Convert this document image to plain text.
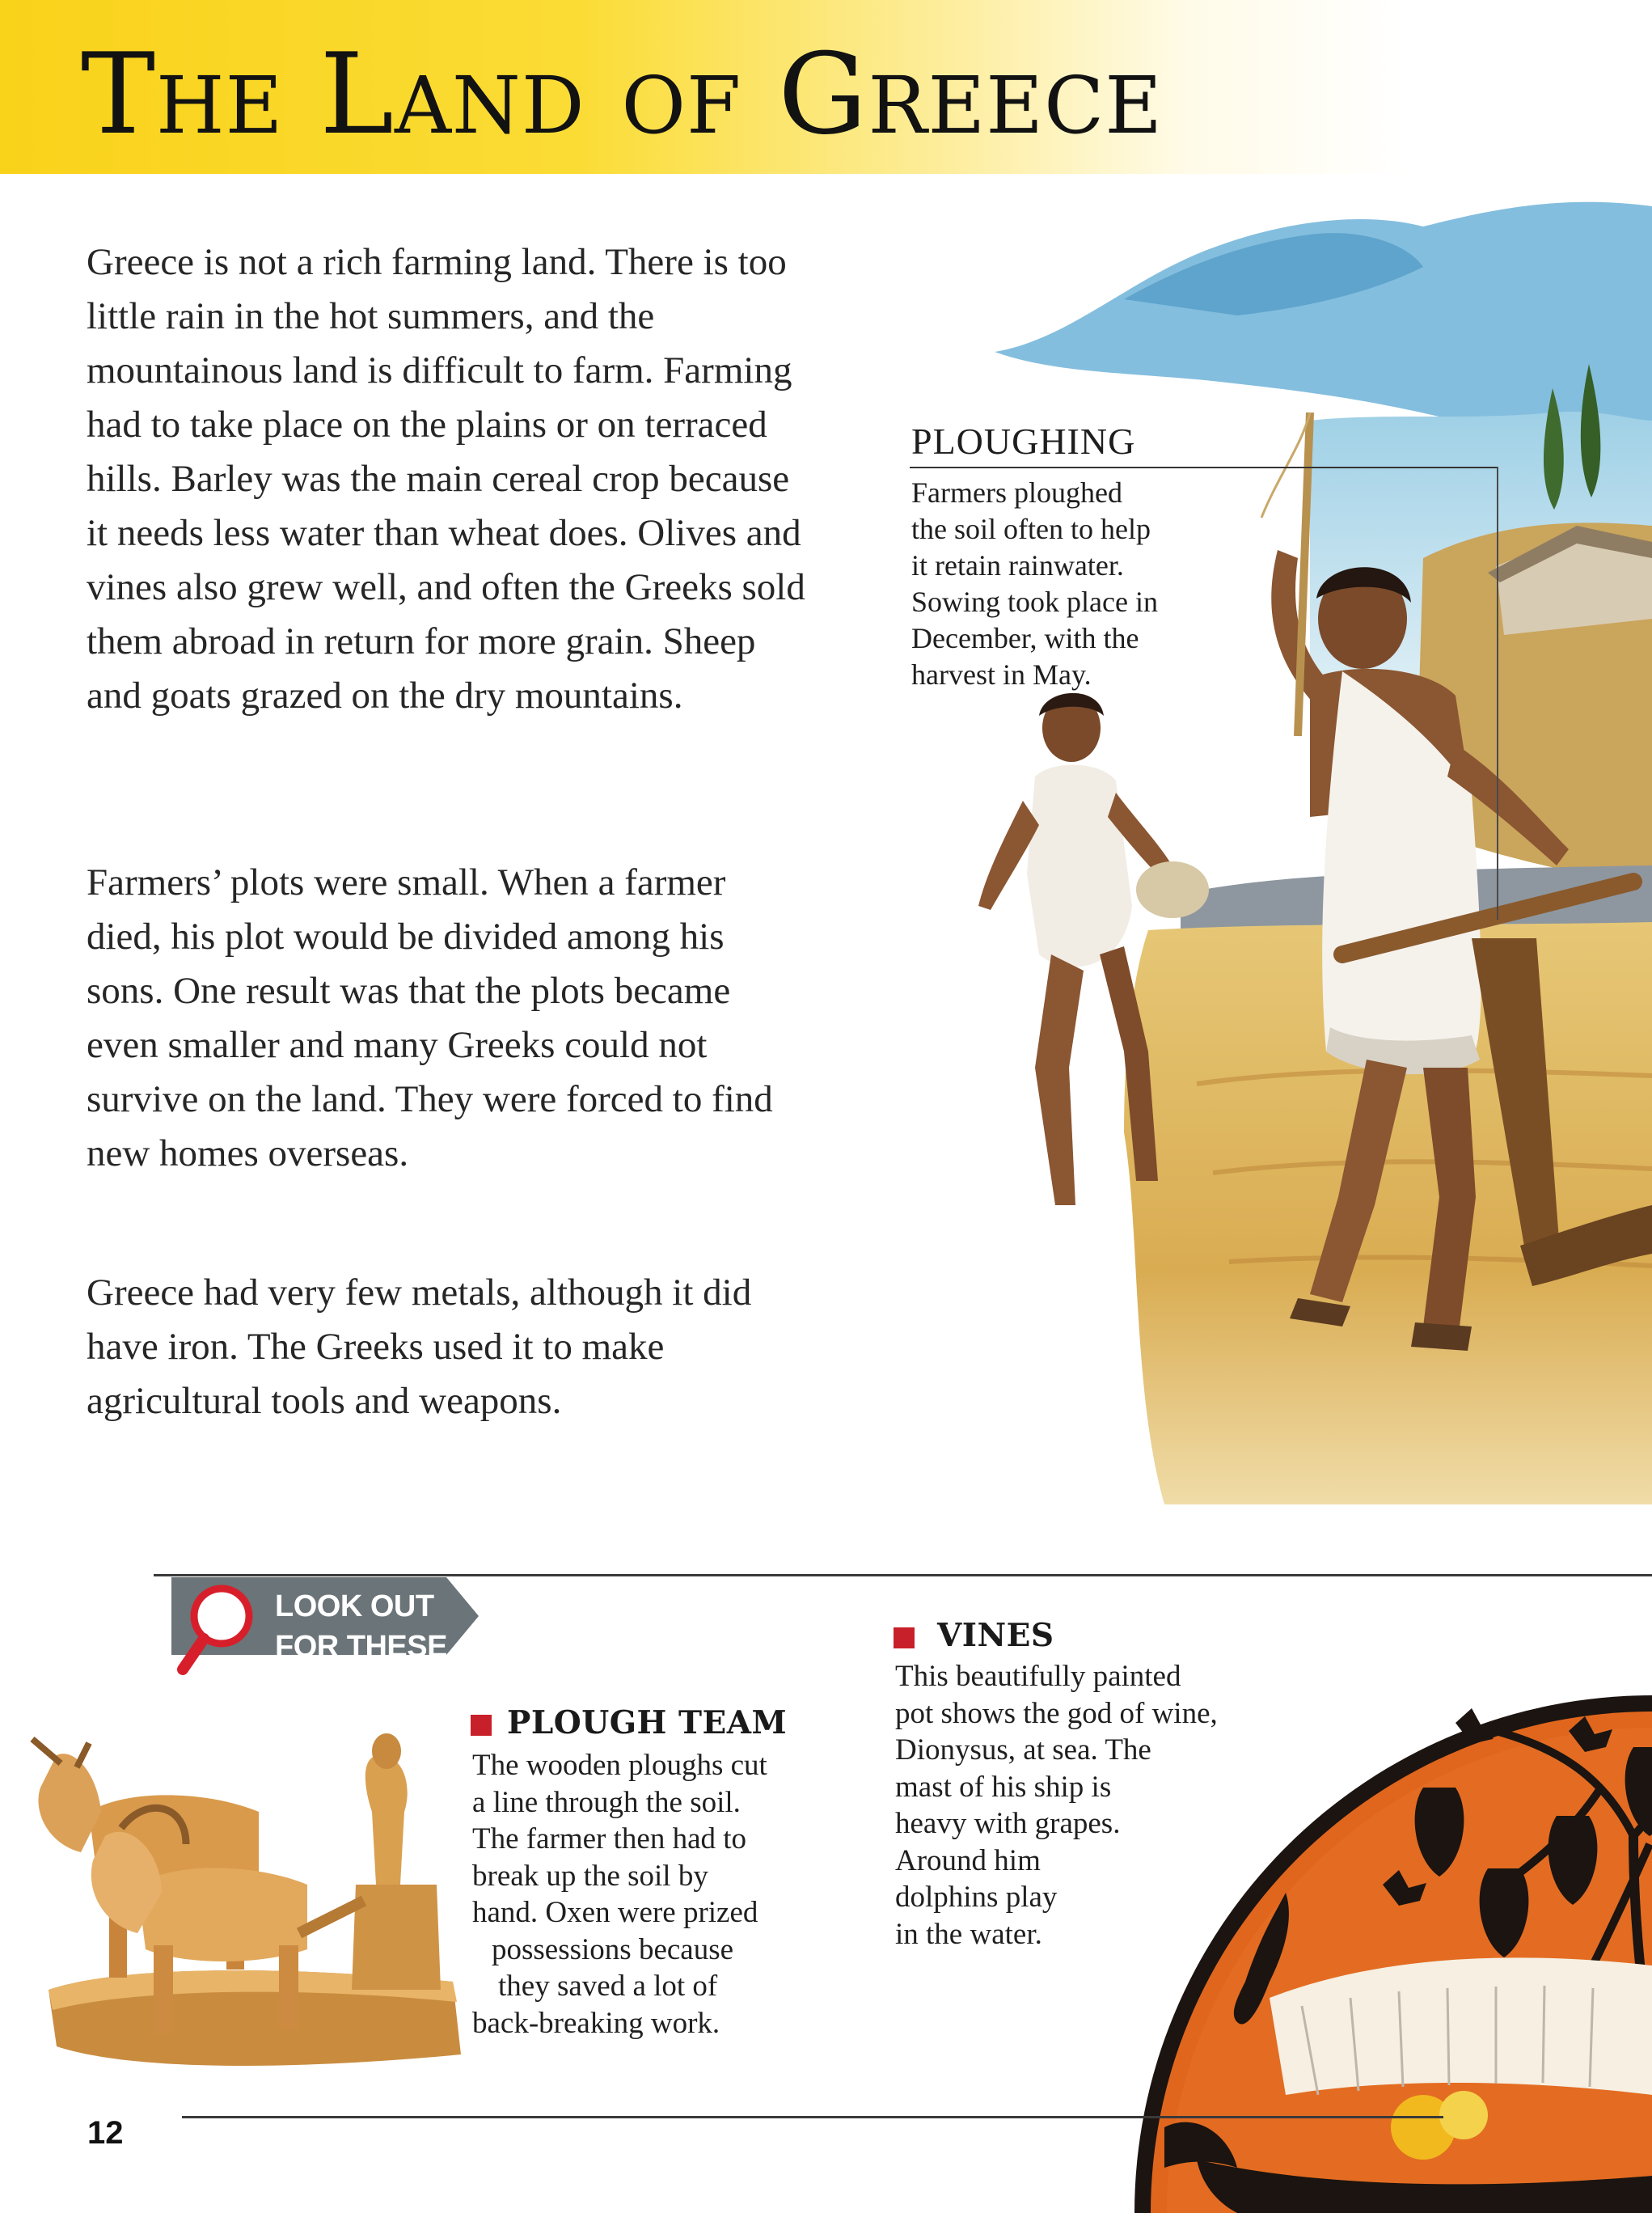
The Land of Greece

Greece is not a rich farming land. There is too little rain in the hot summers, and the mountainous land is difficult to farm. Farming had to take place on the plains or on terraced hills. Barley was the main cereal crop because it needs less water than wheat does. Olives and vines also grew well, and often the Greeks sold them abroad in return for more grain. Sheep and goats grazed on the dry mountains.

Farmers’ plots were small. When a farmer died, his plot would be divided among his sons. One result was that the plots became even smaller and many Greeks could not survive on the land. They were forced to find new homes overseas.

Greece had very few metals, although it did have iron. The Greeks used it to make agricultural tools and weapons.

PLOUGHING
Farmers ploughed
the soil often to help
it retain rainwater.
Sowing took place in
December, with the
harvest in May.
LOOK OUT
FOR THESE
PLOUGH TEAM
The wooden ploughs cut
a line through the soil.
The farmer then had to
break up the soil by
hand. Oxen were prized
possessions because
they saved a lot of
back-breaking work.
VINES
This beautifully painted
pot shows the god of wine,
Dionysus, at sea. The
mast of his ship is
heavy with grapes.
Around him
dolphins play
in the water.
12
